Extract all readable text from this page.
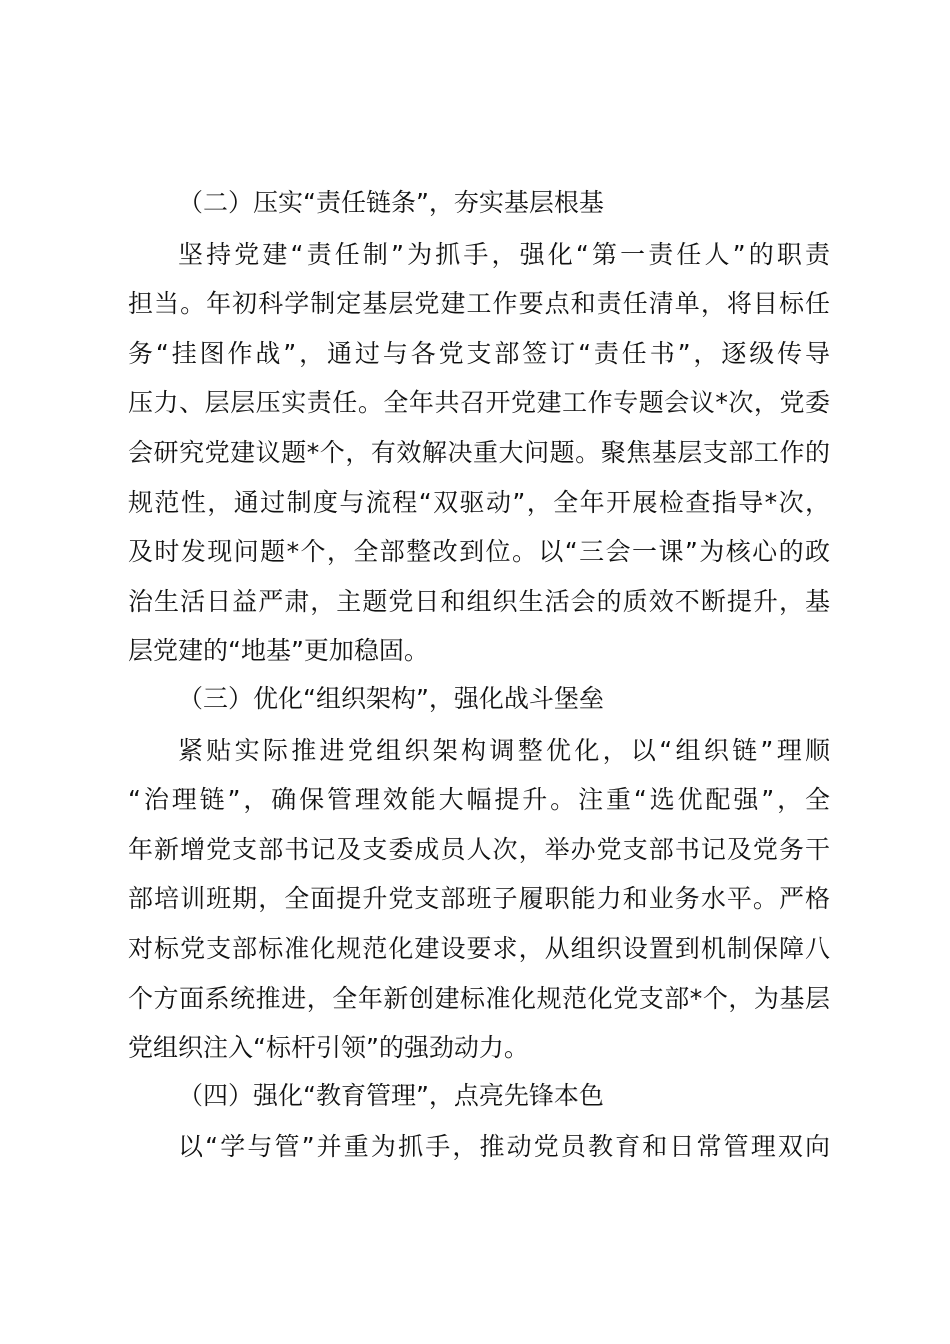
（二）压实“责任链条”，夯实基层根基
坚持党建“责任制”为抓手，强化“第一责任人”的职责
担当。年初科学制定基层党建工作要点和责任清单，将目标任
务“挂图作战”，通过与各党支部签订“责任书”，逐级传导
压力、层层压实责任。全年共召开党建工作专题会议*次，党委
会研究党建议题*个，有效解决重大问题。聚焦基层支部工作的
规范性，通过制度与流程“双驱动”，全年开展检查指导*次，
及时发现问题*个，全部整改到位。以“三会一课”为核心的政
治生活日益严肃，主题党日和组织生活会的质效不断提升，基
层党建的“地基”更加稳固。
（三）优化“组织架构”，强化战斗堡垒
紧贴实际推进党组织架构调整优化，以“组织链”理顺
“治理链”，确保管理效能大幅提升。注重“选优配强”，全
年新增党支部书记及支委成员人次，举办党支部书记及党务干
部培训班期，全面提升党支部班子履职能力和业务水平。严格
对标党支部标准化规范化建设要求，从组织设置到机制保障八
个方面系统推进，全年新创建标准化规范化党支部*个，为基层
党组织注入“标杆引领”的强劲动力。
（四）强化“教育管理”，点亮先锋本色
以“学与管”并重为抓手，推动党员教育和日常管理双向
